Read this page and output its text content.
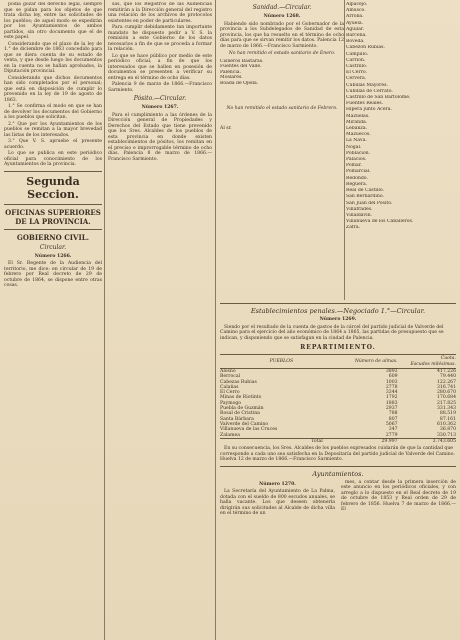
podia gozar del derecho legal, siempre que se pidan para los objetos de que trata dicha ley, entre las solicitudes de los pueblos; de aquel modo se expedirán por los Ayuntamientos de ambos partidos, sin otro documento que el de este papel.

Considerando que el plazo de la ley de 1.° de diciembre de 1863 concedido para que se diera cuenta de su estado de venta, y que desde luego los documentos en la cuenta no se hallan aprobados, la Diputación provincial.

Considerando que dichos documentos han sido completados por el personal; que está en disposición de cumplir lo prevenido en la ley de 19 de agosto de 1863.

1.° Se confirma el modo en que se han de devolver los documentos del Gobierno a los pueblos que solicitan.

2.° Que por los Ayuntamientos de los pueblos se remitan a la mayor brevedad las listas de los interesados.

3.° Que V. S. apruebe el presente acuerdo.

Lo que se publica en este periódico oficial para conocimiento de los Ayuntamientos de la provincia.

Segunda Seccion.
OFICINAS SUPERIORES DE LA PROVINCIA.
GOBIERNO CIVIL.
Circular.
Número 1266.

El Sr. Regente de la Audiencia del territorio, me dice: en circular de 19 de febrero por Real decreto de 29 de octubre de 1864, se dispone entre otras cosas.

sas, que los Registros de las Audiencias remitirán a la Dirección general del registro una relación de los archivos de protocolos existentes en poder de particulares.

Para cumplir debidamente tan importante mandato he dispuesto pedir a V. S. la remisión a este Gobierno de los datos necesarios a fin de que se proceda a formar la relación.

Lo que se hace público por medio de este periódico oficial, a fin de que los interesados que se hallen en posesión de documentos se presenten a verificar su entrega en el término de ocho días.

Palencia 9 de marzo de 1866.—Francisco Sarmiento.

Pósito.—Circular.
Número 1267.

Para el cumplimiento a las órdenes de la Dirección general de Propiedades y Derechos del Estado que tiene prevenido que los Sres. Alcaldes de los pueblos de esta provincia en donde existen establecimientos de pósitos, los remitan en el preciso e improrrogable término de ocho días. Palencia 8 de marzo de 1866.—Francisco Sarmiento.

Sanidad.—Circular.
Número 1268.

Habiendo sido nombrado por el Gobernador de la provincia a los Subdelegados de Sanidad de esta provincia, los que ha resuelto en el término de ocho días para que se sirvan remitir los datos. Palencia 12 de marzo de 1866.—Francisco Sarmiento.

No han remitido el estado sanitario de Enero.
Cisneros Bastarás.
Fuentes del Valle.
Palencia.
Moslares.
Boada de Ojeda.
No han remitido el estado sanitario de Febrero.
Al sr.
Alpacejo.
Amusco.
Arroba.
Ayuela.
Aguilar.
Bárcena.
Bóveda.
Cabezón Rubias.
Campillo.
Carrión.
Castrillo.
El Cerro.
Cervera.
Cubillas Mayores.
Cubillas de Cerrato.
Castrillo de San Bartolomé.
Fuentes Reales.
Hiperá junto Acera.
Mazuelas.
Miranda.
Lebanza.
Mazuecos.
La Nava.
Nogal.
Población.
Palacios.
Pomar.
Pomarcial.
Redondo.
Reguera.
Real de Castillo.
San Bernardino.
San Juan del Pósito.
Villafrades.
Villaldavín.
Villanueva de los Caballeros.
Zafra.
Establecimientos penales.—Negociado 1.°—Circular.
Número 1269.

Siendo por el resultado de la cuenta de gastos de la cárcel del partido judicial de Valverde del Camino para el ejercicio del año económico de 1864 a 1865, las partidas de presupuesto que se indican, y disponiendo que se satisfagan en la ciudad de Palencia.

REPARTIMIENTO.
PUEBLOS	Número de almas.	Cuota.
Escudos milésimas.

Alosno	3893	417.226
Berrocal	609	79.440
Cabezas Rubias	1003	122.267
Calañas	2778	316.741
El Cerro	3344	280.670
Minas de Riotinto	1792	170.684
Paymogo	1883	217.825
Puebla de Guzmán	2937	331.343
Rosal de Cristina	788	88.519
Santa Bárbara	807	87.161
Valverde del Camino	5067	610.362
Villanueva de las Cruces	347	36.870
Zalamea	2779	330.713
Total	29.997	3.743.605

En su consecuencia, los Sres. Alcaldes de los pueblos expresados cuidarán de que la cantidad que corresponde a cada uno sea satisfecha en la Depositaría del partido judicial de Valverde del Camino. Huelva 12 de marzo de 1866.—Francisco Sarmiento.

Ayuntamientos.
Número 1270.

La Secretaría del Ayuntamiento de La Palma, dotada con el sueldo de 800 escudos anuales, se halla vacante. Los que deseen obtenerla dirigirán sus solicitudes al Alcalde de dicha villa en el término de un

mes, a contar desde la primera inserción de este anuncio en los periódicos oficiales, y con arreglo a lo dispuesto en el Real decreto de 19 de octubre de 1853 y Real orden de 29 de febrero de 1856. Huelva 7 de marzo de 1866.—El
